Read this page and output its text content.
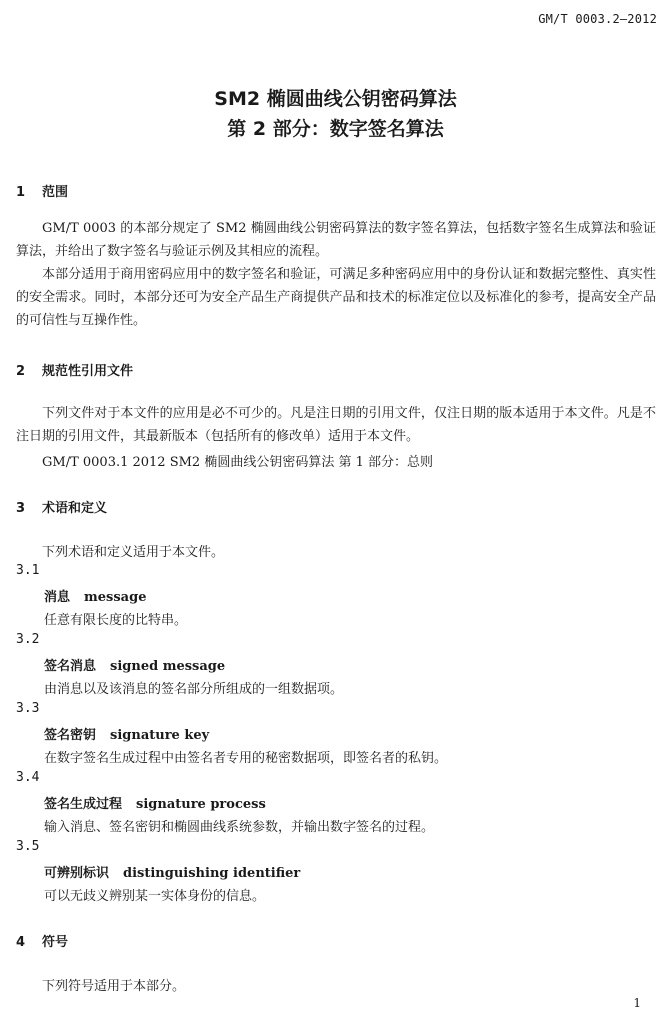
GM/T 0003.2—2012
SM2 椭圆曲线公钥密码算法
第 2 部分：数字签名算法
1 范围
GM/T 0003 的本部分规定了 SM2 椭圆曲线公钥密码算法的数字签名算法，包括数字签名生成算法和验证算法，并给出了数字签名与验证示例及其相应的流程。
本部分适用于商用密码应用中的数字签名和验证，可满足多种密码应用中的身份认证和数据完整性、真实性的安全需求。同时，本部分还可为安全产品生产商提供产品和技术的标准定位以及标准化的参考，提高安全产品的可信性与互操作性。
2 规范性引用文件
下列文件对于本文件的应用是必不可少的。凡是注日期的引用文件，仅注日期的版本适用于本文件。凡是不注日期的引用文件，其最新版本（包括所有的修改单）适用于本文件。
GM/T 0003.1 2012 SM2 椭圆曲线公钥密码算法 第 1 部分：总则
3 术语和定义
下列术语和定义适用于本文件。
3.1
消息 message
任意有限长度的比特串。
3.2
签名消息 signed message
由消息以及该消息的签名部分所组成的一组数据项。
3.3
签名密钥 signature key
在数字签名生成过程中由签名者专用的秘密数据项，即签名者的私钥。
3.4
签名生成过程 signature process
输入消息、签名密钥和椭圆曲线系统参数，并输出数字签名的过程。
3.5
可辨别标识 distinguishing identifier
可以无歧义辨别某一实体身份的信息。
4 符号
下列符号适用于本部分。
1
